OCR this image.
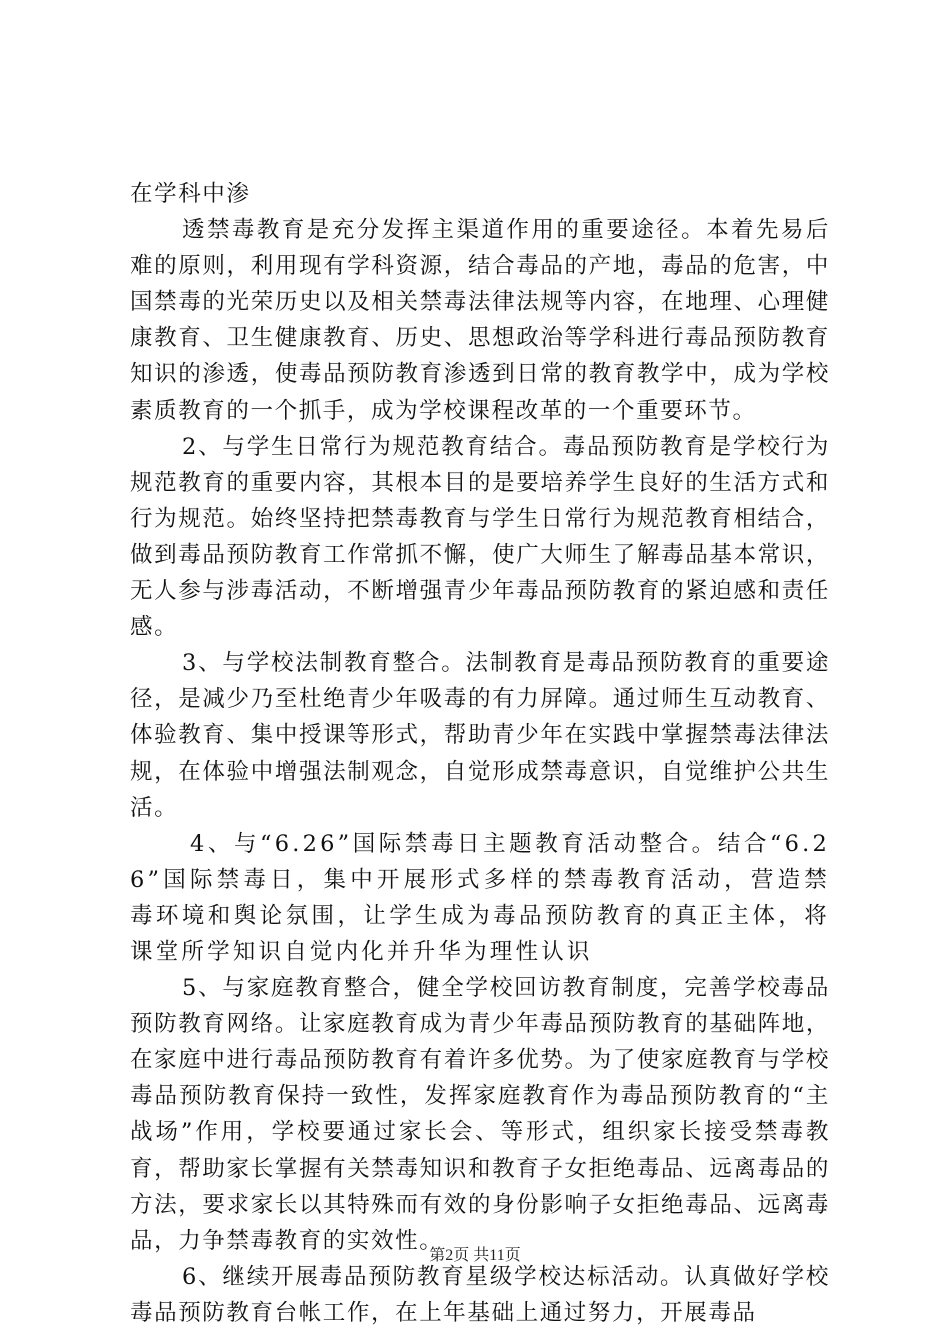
在学科中渗

透禁毒教育是充分发挥主渠道作用的重要途径。本着先易后难的原则，利用现有学科资源，结合毒品的产地，毒品的危害，中国禁毒的光荣历史以及相关禁毒法律法规等内容，在地理、心理健康教育、卫生健康教育、历史、思想政治等学科进行毒品预防教育知识的渗透，使毒品预防教育渗透到日常的教育教学中，成为学校素质教育的一个抓手，成为学校课程改革的一个重要环节。

2、与学生日常行为规范教育结合。毒品预防教育是学校行为规范教育的重要内容，其根本目的是要培养学生良好的生活方式和行为规范。始终坚持把禁毒教育与学生日常行为规范教育相结合，做到毒品预防教育工作常抓不懈，使广大师生了解毒品基本常识，无人参与涉毒活动，不断增强青少年毒品预防教育的紧迫感和责任感。

3、与学校法制教育整合。法制教育是毒品预防教育的重要途径，是减少乃至杜绝青少年吸毒的有力屏障。通过师生互动教育、体验教育、集中授课等形式，帮助青少年在实践中掌握禁毒法律法规，在体验中增强法制观念，自觉形成禁毒意识，自觉维护公共生活。

4、与“6.26”国际禁毒日主题教育活动整合。结合“6.26”国际禁毒日，集中开展形式多样的禁毒教育活动，营造禁毒环境和舆论氛围，让学生成为毒品预防教育的真正主体，将课堂所学知识自觉内化并升华为理性认识

5、与家庭教育整合，健全学校回访教育制度，完善学校毒品预防教育网络。让家庭教育成为青少年毒品预防教育的基础阵地，在家庭中进行毒品预防教育有着许多优势。为了使家庭教育与学校毒品预防教育保持一致性，发挥家庭教育作为毒品预防教育的“主战场”作用，学校要通过家长会、等形式，组织家长接受禁毒教育，帮助家长掌握有关禁毒知识和教育子女拒绝毒品、远离毒品的方法，要求家长以其特殊而有效的身份影响子女拒绝毒品、远离毒品，力争禁毒教育的实效性。

6、继续开展毒品预防教育星级学校达标活动。认真做好学校毒品预防教育台帐工作，在上年基础上通过努力，开展毒品

第2页 共11页
